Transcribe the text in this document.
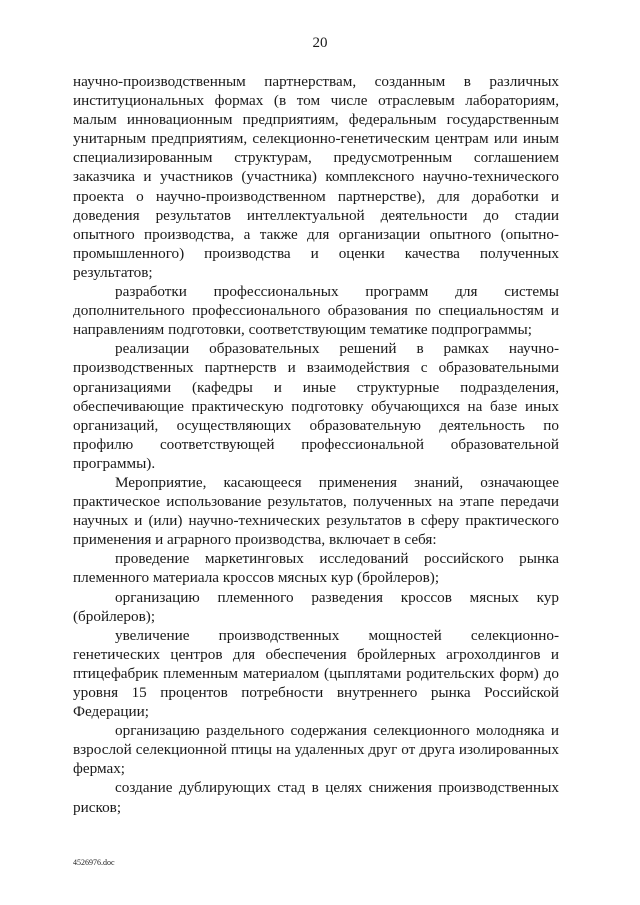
20

научно-производственным партнерствам, созданным в различных институциональных формах (в том числе отраслевым лабораториям, малым инновационным предприятиям, федеральным государственным унитарным предприятиям, селекционно-генетическим центрам или иным специализированным структурам, предусмотренным соглашением заказчика и участников (участника) комплексного научно-технического проекта о научно-производственном партнерстве), для доработки и доведения результатов интеллектуальной деятельности до стадии опытного производства, а также для организации опытного (опытно-промышленного) производства и оценки качества полученных результатов;

разработки профессиональных программ для системы дополнительного профессионального образования по специальностям и направлениям подготовки, соответствующим тематике подпрограммы;

реализации образовательных решений в рамках научно-производственных партнерств и взаимодействия с образовательными организациями (кафедры и иные структурные подразделения, обеспечивающие практическую подготовку обучающихся на базе иных организаций, осуществляющих образовательную деятельность по профилю соответствующей профессиональной образовательной программы).

Мероприятие, касающееся применения знаний, означающее практическое использование результатов, полученных на этапе передачи научных и (или) научно-технических результатов в сферу практического применения и аграрного производства, включает в себя:

проведение маркетинговых исследований российского рынка племенного материала кроссов мясных кур (бройлеров);

организацию племенного разведения кроссов мясных кур (бройлеров);

увеличение производственных мощностей селекционно-генетических центров для обеспечения бройлерных агрохолдингов и птицефабрик племенным материалом (цыплятами родительских форм) до уровня 15 процентов потребности внутреннего рынка Российской Федерации;

организацию раздельного содержания селекционного молодняка и взрослой селекционной птицы на удаленных друг от друга изолированных фермах;

создание дублирующих стад в целях снижения производственных рисков;

4526976.doc
